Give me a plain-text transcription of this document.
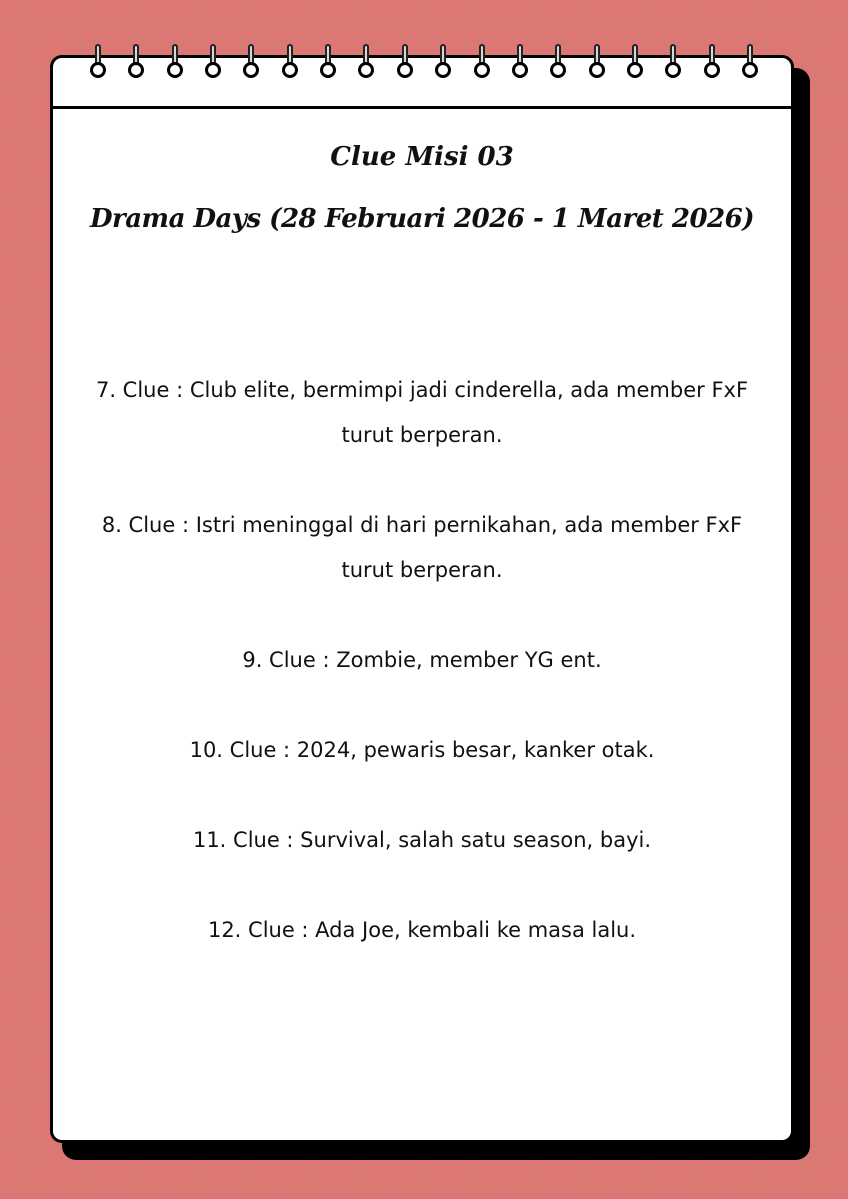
Clue Misi 03
Drama Days (28 Februari 2026 - 1 Maret 2026)

7. Clue : Club elite, bermimpi jadi cinderella, ada member FxF turut berperan.

8. Clue : Istri meninggal di hari pernikahan, ada member FxF turut berperan.

9. Clue : Zombie, member YG ent.

10. Clue : 2024, pewaris besar, kanker otak.

11. Clue : Survival, salah satu season, bayi.

12. Clue : Ada Joe, kembali ke masa lalu.
